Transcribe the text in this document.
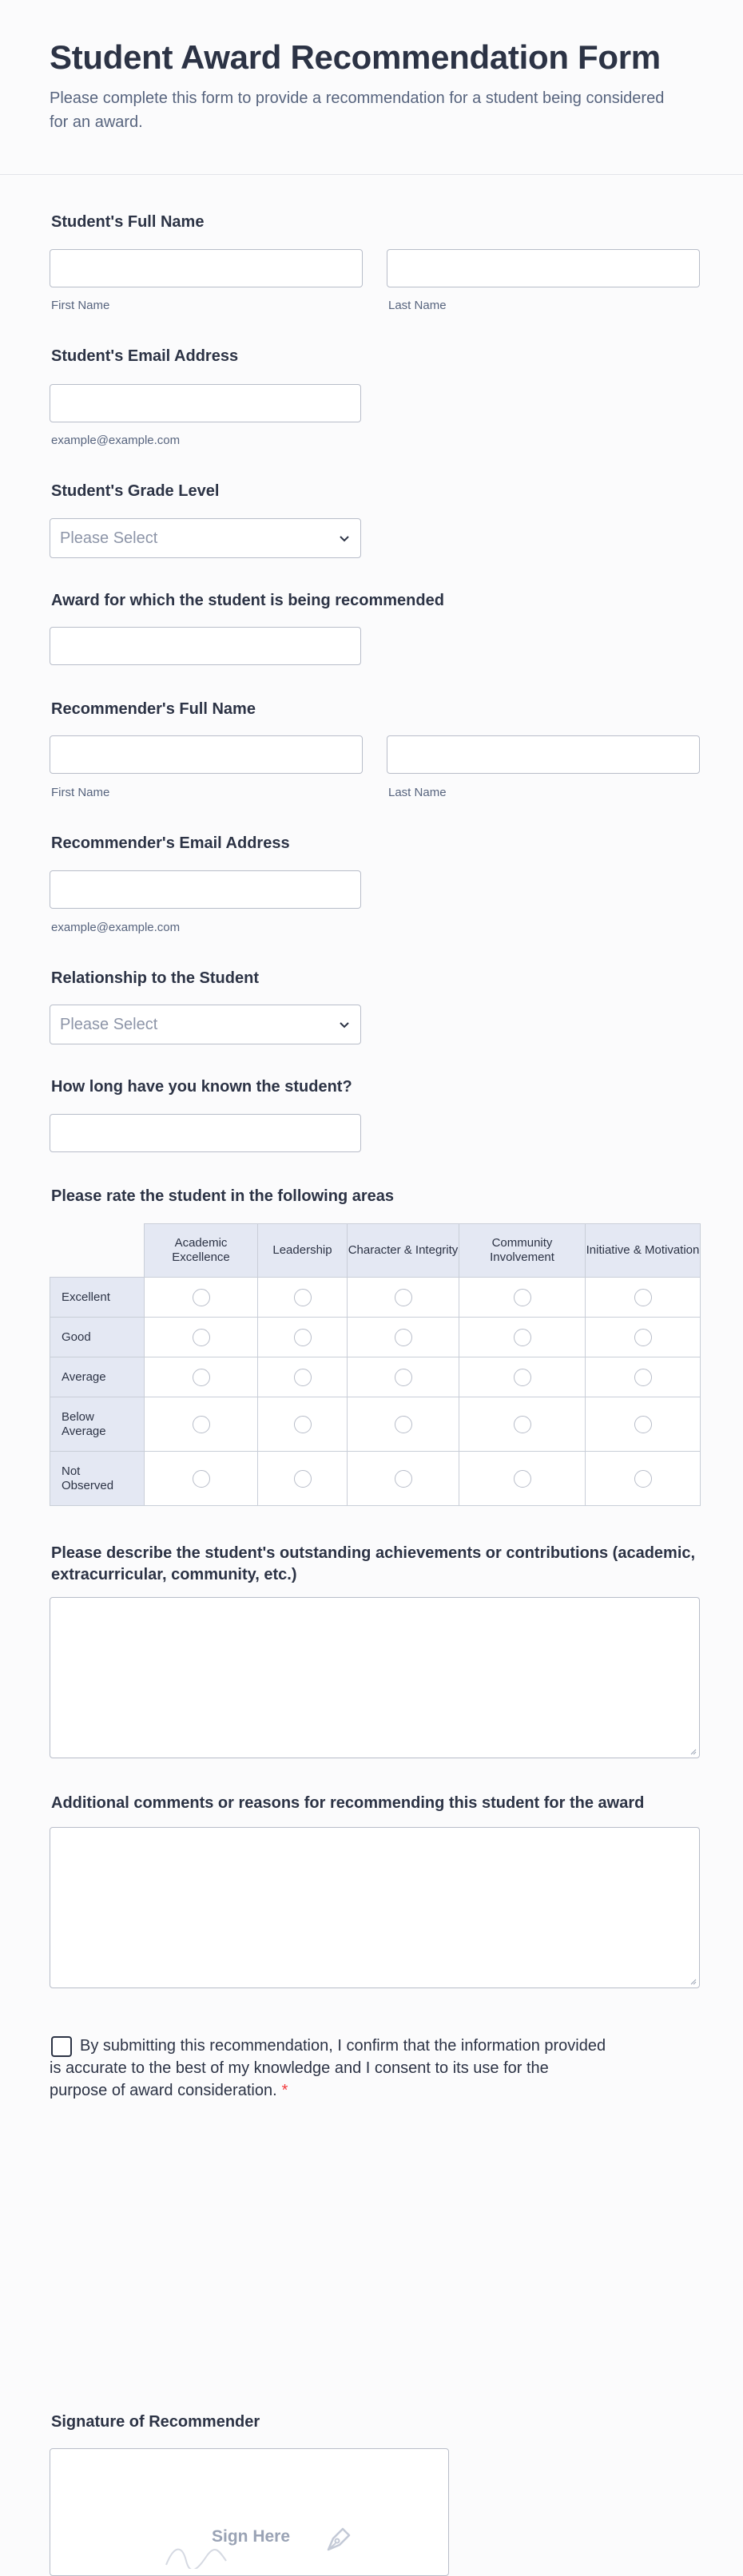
Student Award Recommendation Form
Please complete this form to provide a recommendation for a student being considered for an award.
Student's Full Name
First Name	Last Name
Student's Email Address
example@example.com
Student's Grade Level
Please Select
Award for which the student is being recommended
Recommender's Full Name
First Name	Last Name
Recommender's Email Address
example@example.com
Relationship to the Student
Please Select
How long have you known the student?
Please rate the student in the following areas
	Academic Excellence	Leadership	Character & Integrity	Community Involvement	Initiative & Motivation
Excellent					
Good					
Average					
Below Average					
Not Observed					
Please describe the student's outstanding achievements or contributions (academic, extracurricular, community, etc.)
Additional comments or reasons for recommending this student for the award
By submitting this recommendation, I confirm that the information provided is accurate to the best of my knowledge and I consent to its use for the purpose of award consideration. *
Signature of Recommender
Sign Here
